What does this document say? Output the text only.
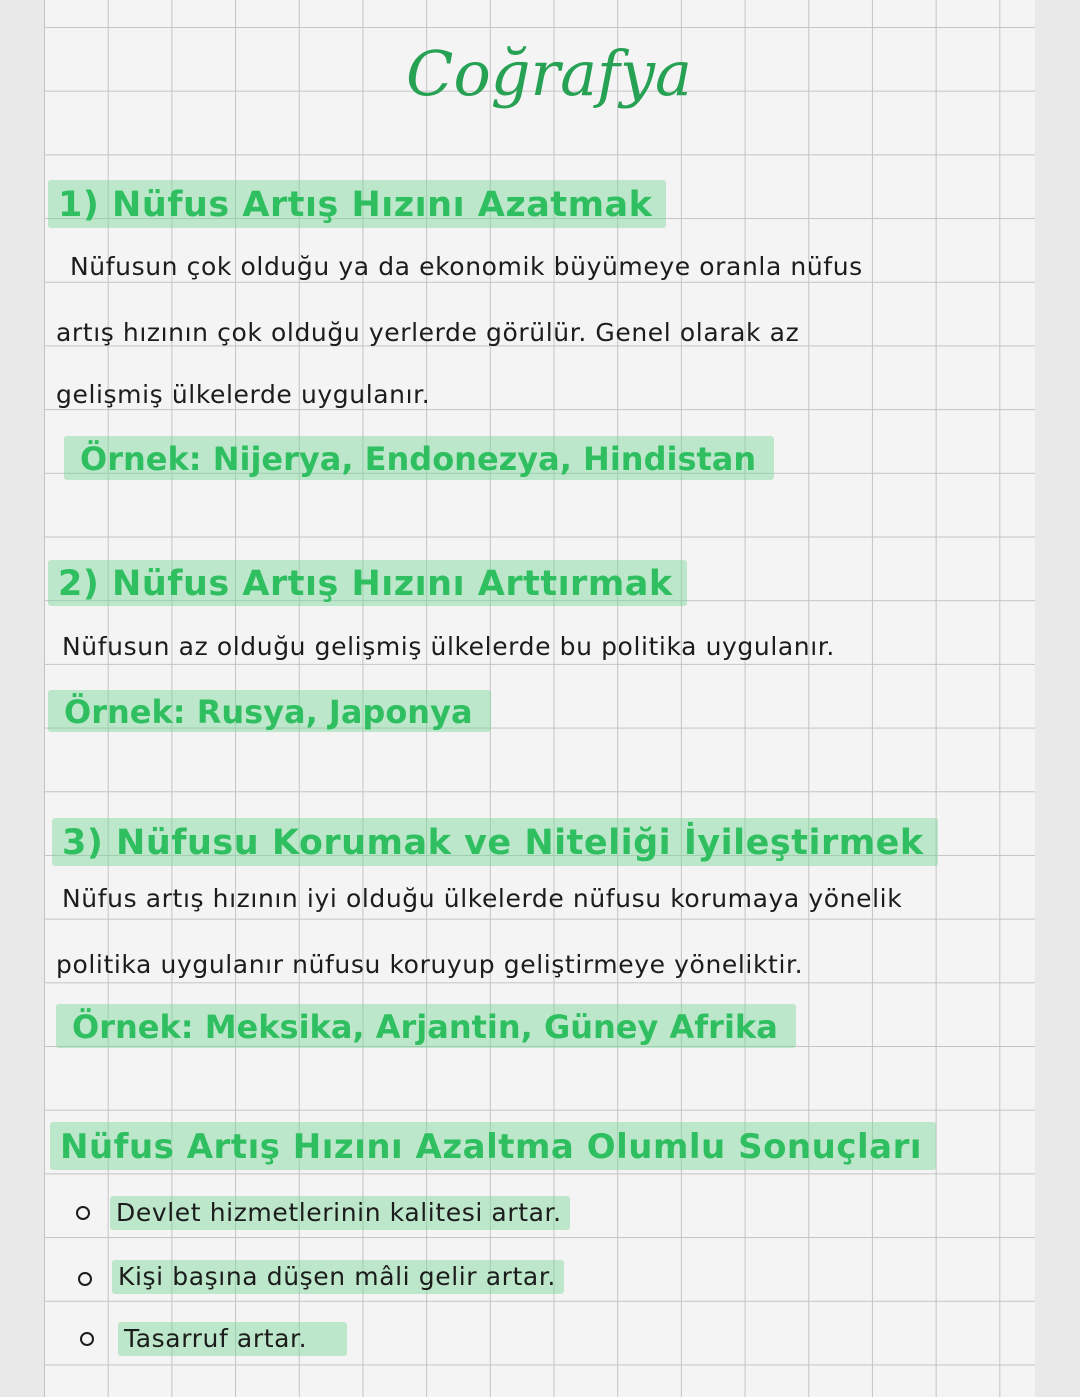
Coğrafya
1) Nüfus Artış Hızını Azatmak
Nüfusun çok olduğu ya da ekonomik büyümeye oranla nüfus
artış hızının çok olduğu yerlerde görülür. Genel olarak az
gelişmiş ülkelerde uygulanır.
Örnek: Nijerya, Endonezya, Hindistan
2) Nüfus Artış Hızını Arttırmak
Nüfusun az olduğu gelişmiş ülkelerde bu politika uygulanır.
Örnek: Rusya, Japonya
3) Nüfusu Korumak ve Niteliği İyileştirmek
Nüfus artış hızının iyi olduğu ülkelerde nüfusu korumaya yönelik
politika uygulanır nüfusu koruyup geliştirmeye yöneliktir.
Örnek: Meksika, Arjantin, Güney Afrika
Nüfus Artış Hızını Azaltma Olumlu Sonuçları
Devlet hizmetlerinin kalitesi artar.
Kişi başına düşen mâli gelir artar.
Tasarruf artar.
